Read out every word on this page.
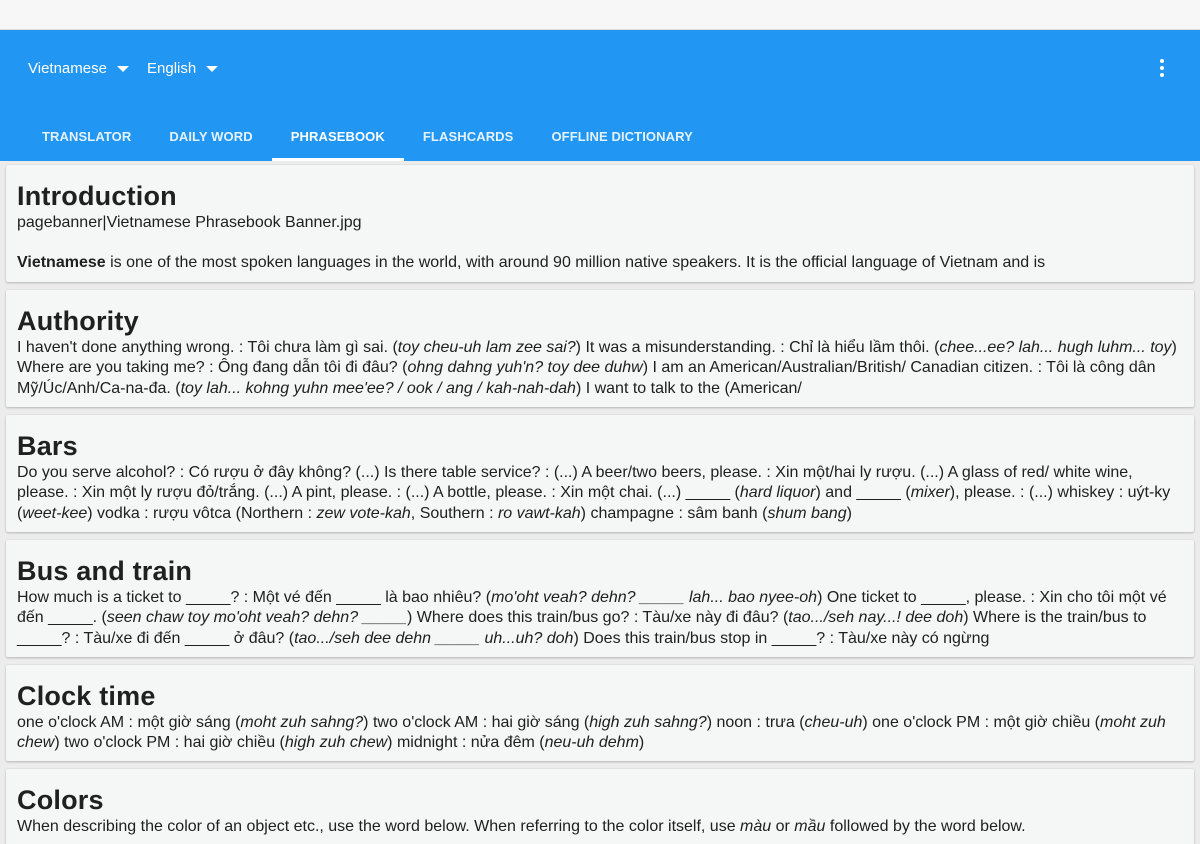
Vietnamese	English
TRANSLATOR	DAILY WORD	PHRASEBOOK	FLASHCARDS	OFFLINE DICTIONARY
Introduction

pagebanner|Vietnamese Phrasebook Banner.jpg

Vietnamese is one of the most spoken languages in the world, with around 90 million native speakers. It is the official language of Vietnam and is

Authority

I haven't done anything wrong. : Tôi chưa làm gì sai. (toy cheu-uh lam zee sai?) It was a misunderstanding. : Chỉ là hiểu lầm thôi. (chee...ee? lah... hugh luhm... toy) Where are you taking me? : Ông đang dẫn tôi đi đâu? (ohng dahng yuh'n? toy dee duhw) I am an American/Australian/British/ Canadian citizen. : Tôi là công dân Mỹ/Úc/Anh/Ca-na-đa. (toy lah... kohng yuhn mee'ee? / ook / ang / kah-nah-dah) I want to talk to the (American/

Bars

Do you serve alcohol? : Có rượu ở đây không? (...) Is there table service? : (...) A beer/two beers, please. : Xin một/hai ly rượu. (...) A glass of red/ white wine, please. : Xin một ly rượu đỏ/trắng. (...) A pint, please. : (...) A bottle, please. : Xin một chai. (...) _____ (hard liquor) and _____ (mixer), please. : (...) whiskey : uýt-ky (weet-kee) vodka : rượu vôtca (Northern : zew vote-kah, Southern : ro vawt-kah) champagne : sâm banh (shum bang)

Bus and train

How much is a ticket to _____? : Một vé đến _____ là bao nhiêu? (mo'oht veah? dehn? _____ lah... bao nyee-oh) One ticket to _____, please. : Xin cho tôi một vé đến _____. (seen chaw toy mo'oht veah? dehn? _____) Where does this train/bus go? : Tàu/xe này đi đâu? (tao.../seh nay...! dee doh) Where is the train/bus to _____? : Tàu/xe đi đến _____ ở đâu? (tao.../seh dee dehn _____ uh...uh? doh) Does this train/bus stop in _____? : Tàu/xe này có ngừng

Clock time

one o'clock AM : một giờ sáng (moht zuh sahng?) two o'clock AM : hai giờ sáng (high zuh sahng?) noon : trưa (cheu-uh) one o'clock PM : một giờ chiều (moht zuh chew) two o'clock PM : hai giờ chiều (high zuh chew) midnight : nửa đêm (neu-uh dehm)

Colors

When describing the color of an object etc., use the word below. When referring to the color itself, use màu or mầu followed by the word below.
